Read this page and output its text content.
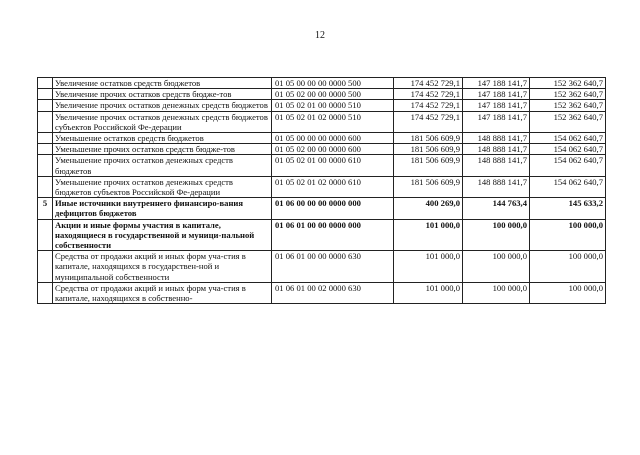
12
	Увеличение остатков средств бюджетов	01 05 00 00 00 0000 500	174 452 729,1	147 188 141,7	152 362 640,7
	Увеличение прочих остатков средств бюдже-тов	01 05 02 00 00 0000 500	174 452 729,1	147 188 141,7	152 362 640,7
	Увеличение прочих остатков денежных средств бюджетов	01 05 02 01 00 0000 510	174 452 729,1	147 188 141,7	152 362 640,7
	Увеличение прочих остатков денежных средств бюджетов субъектов Российской Фе-дерации	01 05 02 01 02 0000 510	174 452 729,1	147 188 141,7	152 362 640,7
	Уменьшение остатков средств бюджетов	01 05 00 00 00 0000 600	181 506 609,9	148 888 141,7	154 062 640,7
	Уменьшение прочих остатков средств бюдже-тов	01 05 02 00 00 0000 600	181 506 609,9	148 888 141,7	154 062 640,7
	Уменьшение прочих остатков денежных средств бюджетов	01 05 02 01 00 0000 610	181 506 609,9	148 888 141,7	154 062 640,7
	Уменьшение прочих остатков денежных средств бюджетов субъектов Российской Фе-дерации	01 05 02 01 02 0000 610	181 506 609,9	148 888 141,7	154 062 640,7
5	Иные источники внутреннего финансиро-вания дефицитов бюджетов	01 06 00 00 00 0000 000	400 269,0	144 763,4	145 633,2
	Акции и иные формы участия в капитале, находящиеся в государственной и муници-пальной собственности	01 06 01 00 00 0000 000	101 000,0	100 000,0	100 000,0
	Средства от продажи акций и иных форм уча-стия в капитале, находящихся в государствен-ной и муниципальной собственности	01 06 01 00 00 0000 630	101 000,0	100 000,0	100 000,0
	Средства от продажи акций и иных форм уча-стия в капитале, находящихся в собственно-	01 06 01 00 02 0000 630	101 000,0	100 000,0	100 000,0
